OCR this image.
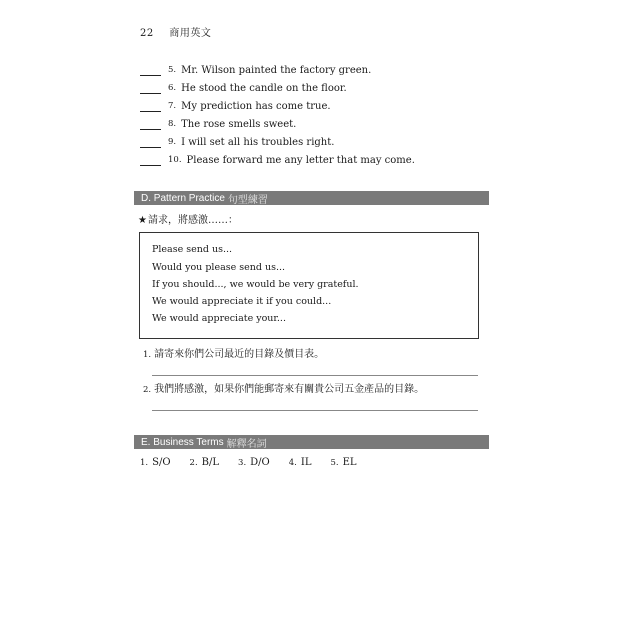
22 商用英文
5. Mr. Wilson painted the factory green.
6. He stood the candle on the floor.
7. My prediction has come true.
8. The rose smells sweet.
9. I will set all his troubles right.
10. Please forward me any letter that may come.
D. Pattern Practice 句型練習
★請求，將感激……：
Please send us...
Would you please send us...
If you should..., we would be very grateful.
We would appreciate it if you could...
We would appreciate your...
1. 請寄來你們公司最近的目錄及價目表。
2. 我們將感激，如果你們能郵寄來有關貴公司五金產品的目錄。
E. Business Terms 解釋名詞
1. S/O 2. B/L 3. D/O 4. IL 5. EL
